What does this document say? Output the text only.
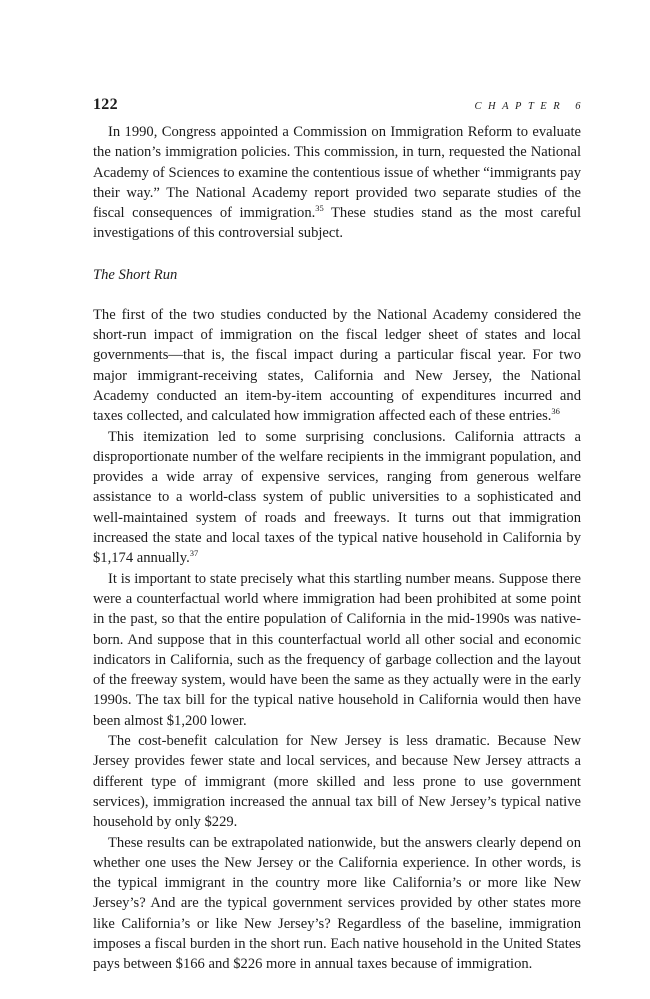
122	CHAPTER 6

In 1990, Congress appointed a Commission on Immigration Reform to evaluate the nation’s immigration policies. This commission, in turn, requested the National Academy of Sciences to examine the contentious issue of whether “immigrants pay their way.” The National Academy report provided two separate studies of the fiscal consequences of immigration.$^{35}$ These studies stand as the most careful investigations of this controversial subject.

The Short Run

The first of the two studies conducted by the National Academy considered the short-run impact of immigration on the fiscal ledger sheet of states and local governments—that is, the fiscal impact during a particular fiscal year. For two major immigrant-receiving states, California and New Jersey, the National Academy conducted an item-by-item accounting of expenditures incurred and taxes collected, and calculated how immigration affected each of these entries.$^{36}$

This itemization led to some surprising conclusions. California attracts a disproportionate number of the welfare recipients in the immigrant population, and provides a wide array of expensive services, ranging from generous welfare assistance to a world-class system of public universities to a sophisticated and well-maintained system of roads and freeways. It turns out that immigration increased the state and local taxes of the typical native household in California by $1,174 annually.$^{37}$

It is important to state precisely what this startling number means. Suppose there were a counterfactual world where immigration had been prohibited at some point in the past, so that the entire population of California in the mid-1990s was native-born. And suppose that in this counterfactual world all other social and economic indicators in California, such as the frequency of garbage collection and the layout of the freeway system, would have been the same as they actually were in the early 1990s. The tax bill for the typical native household in California would then have been almost $1,200 lower.

The cost-benefit calculation for New Jersey is less dramatic. Because New Jersey provides fewer state and local services, and because New Jersey attracts a different type of immigrant (more skilled and less prone to use government services), immigration increased the annual tax bill of New Jersey’s typical native household by only $229.

These results can be extrapolated nationwide, but the answers clearly depend on whether one uses the New Jersey or the California experience. In other words, is the typical immigrant in the country more like California’s or more like New Jersey’s? And are the typical government services provided by other states more like California’s or like New Jersey’s? Regardless of the baseline, immigration imposes a fiscal burden in the short run. Each native household in the United States pays between $166 and $226 more in annual taxes because of immigration.
